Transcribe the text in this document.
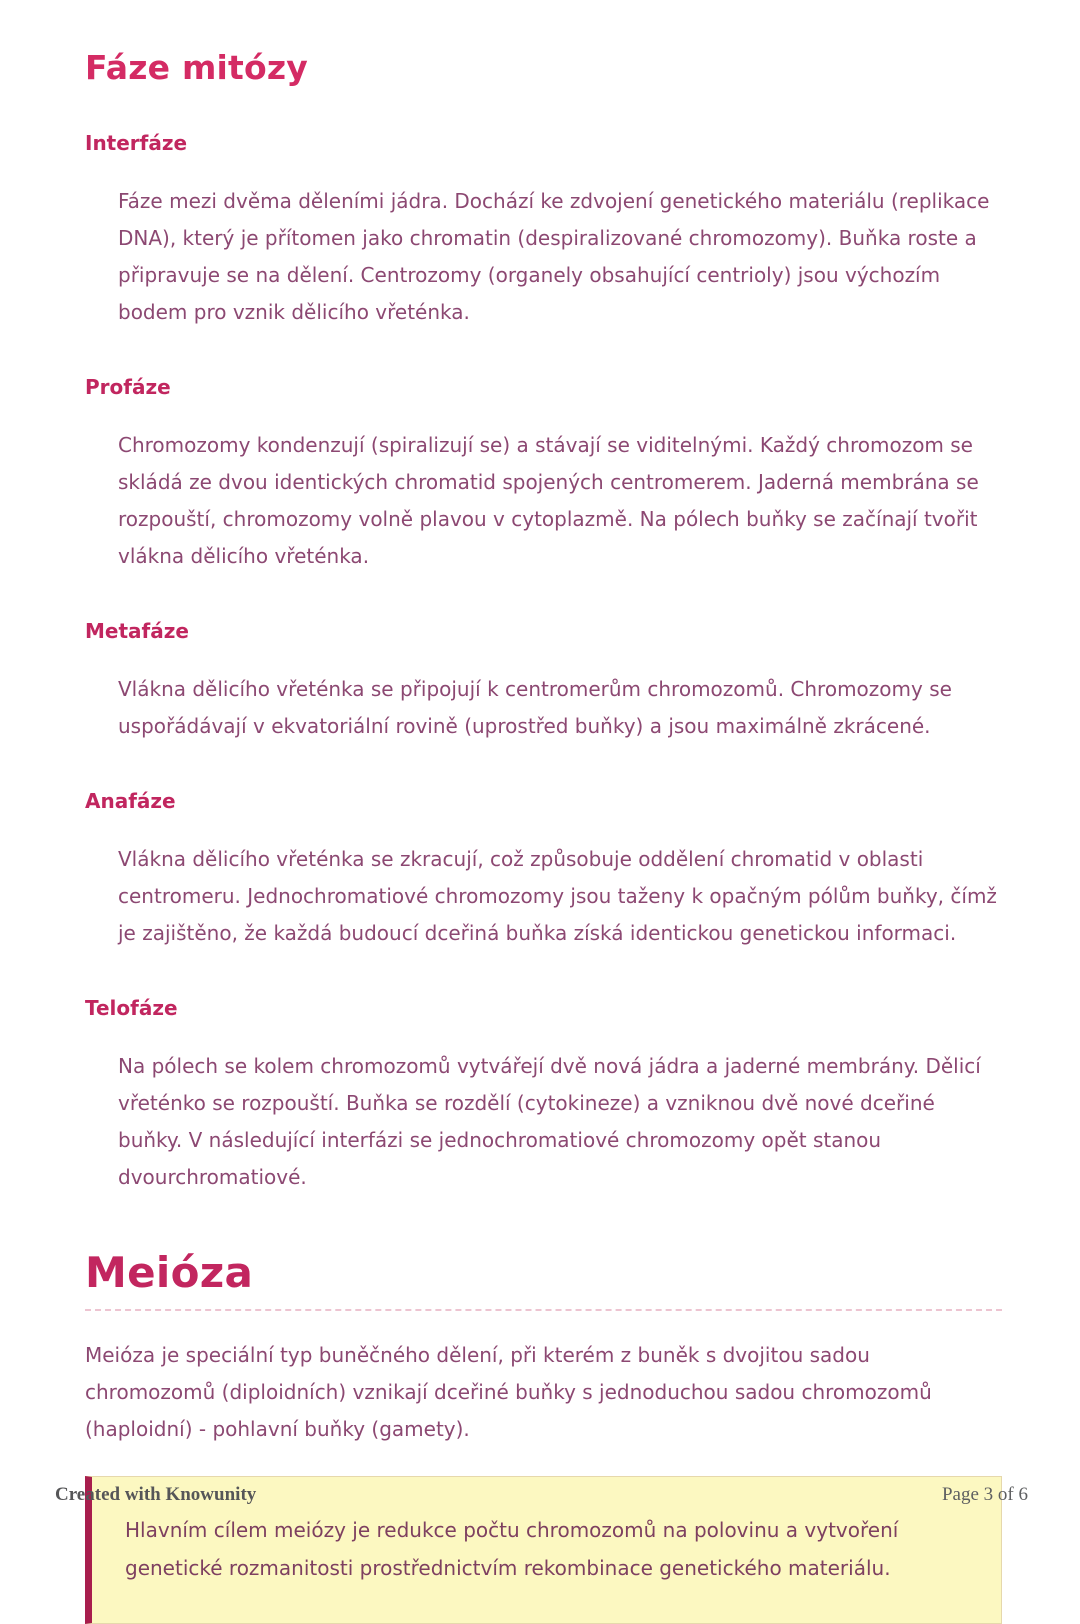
Fáze mitózy
Interfáze

Fáze mezi dvěma děleními jádra. Dochází ke zdvojení genetického materiálu (replikace DNA), který je přítomen jako chromatin (despiralizované chromozomy). Buňka roste a připravuje se na dělení. Centrozomy (organely obsahující centrioly) jsou výchozím bodem pro vznik dělicího vřeténka.

Profáze

Chromozomy kondenzují (spiralizují se) a stávají se viditelnými. Každý chromozom se skládá ze dvou identických chromatid spojených centromerem. Jaderná membrána se rozpouští, chromozomy volně plavou v cytoplazmě. Na pólech buňky se začínají tvořit vlákna dělicího vřeténka.

Metafáze

Vlákna dělicího vřeténka se připojují k centromerům chromozomů. Chromozomy se uspořádávají v ekvatoriální rovině (uprostřed buňky) a jsou maximálně zkrácené.

Anafáze

Vlákna dělicího vřeténka se zkracují, což způsobuje oddělení chromatid v oblasti centromeru. Jednochromatiové chromozomy jsou taženy k opačným pólům buňky, čímž je zajištěno, že každá budoucí dceřiná buňka získá identickou genetickou informaci.

Telofáze

Na pólech se kolem chromozomů vytvářejí dvě nová jádra a jaderné membrány. Dělicí vřeténko se rozpouští. Buňka se rozdělí (cytokineze) a vzniknou dvě nové dceřiné buňky. V následující interfázi se jednochromatiové chromozomy opět stanou dvourchromatiové.

Meióza

Meióza je speciální typ buněčného dělení, při kterém z buněk s dvojitou sadou chromozomů (diploidních) vznikají dceřiné buňky s jednoduchou sadou chromozomů (haploidní) - pohlavní buňky (gamety).

Hlavním cílem meiózy je redukce počtu chromozomů na polovinu a vytvoření genetické rozmanitosti prostřednictvím rekombinace genetického materiálu.

Created with Knowunity	Page 3 of 6
